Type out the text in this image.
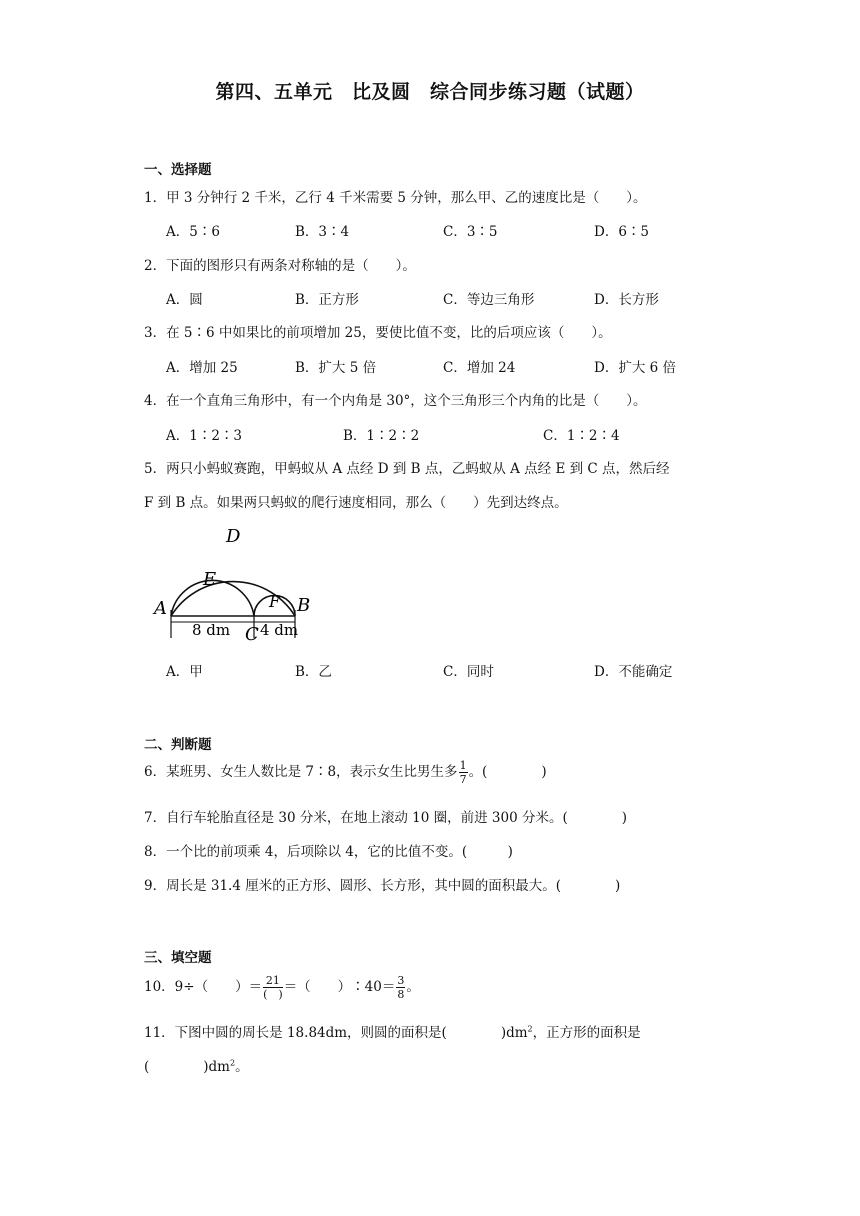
第四、五单元　比及圆　综合同步练习题（试题）
一、选择题
1．甲 3 分钟行 2 千米，乙行 4 千米需要 5 分钟，那么甲、乙的速度比是（　　）。
A．5∶6	B．3∶4	C．3∶5	D．6∶5
2．下面的图形只有两条对称轴的是（　　）。
A．圆	B．正方形	C．等边三角形	D．长方形
3．在 5∶6 中如果比的前项增加 25，要使比值不变，比的后项应该（　　）。
A．增加 25	B．扩大 5 倍	C．增加 24	D．扩大 6 倍
4．在一个直角三角形中，有一个内角是 30°，这个三角形三个内角的比是（　　）。
A．1∶2∶3	B．1∶2∶2	C．1∶2∶4
5．两只小蚂蚁赛跑，甲蚂蚁从 A 点经 D 到 B 点，乙蚂蚁从 A 点经 E 到 C 点，然后经
F 到 B 点。如果两只蚂蚁的爬行速度相同，那么（　　）先到达终点。
D
E
F
A	B
C
8 dm 4 dm
A．甲	B．乙	C．同时	D．不能确定
二、判断题
6．某班男、女生人数比是 7∶8，表示女生比男生多 $\frac{1}{7}$ 。(　　　　)
7．自行车轮胎直径是 30 分米，在地上滚动 10 圈，前进 300 分米。(　　　　)
8．一个比的前项乘 4，后项除以 4，它的比值不变。(　　　)
9．周长是 31.4 厘米的正方形、圆形、长方形，其中圆的面积最大。(　　　　)
三、填空题
10．9÷（　　）＝ $\frac{21}{( )}$ ＝（　　）∶40＝ $\frac{3}{8}$ 。
11．下图中圆的周长是 18.84dm，则圆的面积是(　　　　)$dm^2$，正方形的面积是
(　　　　)$dm^2$。
